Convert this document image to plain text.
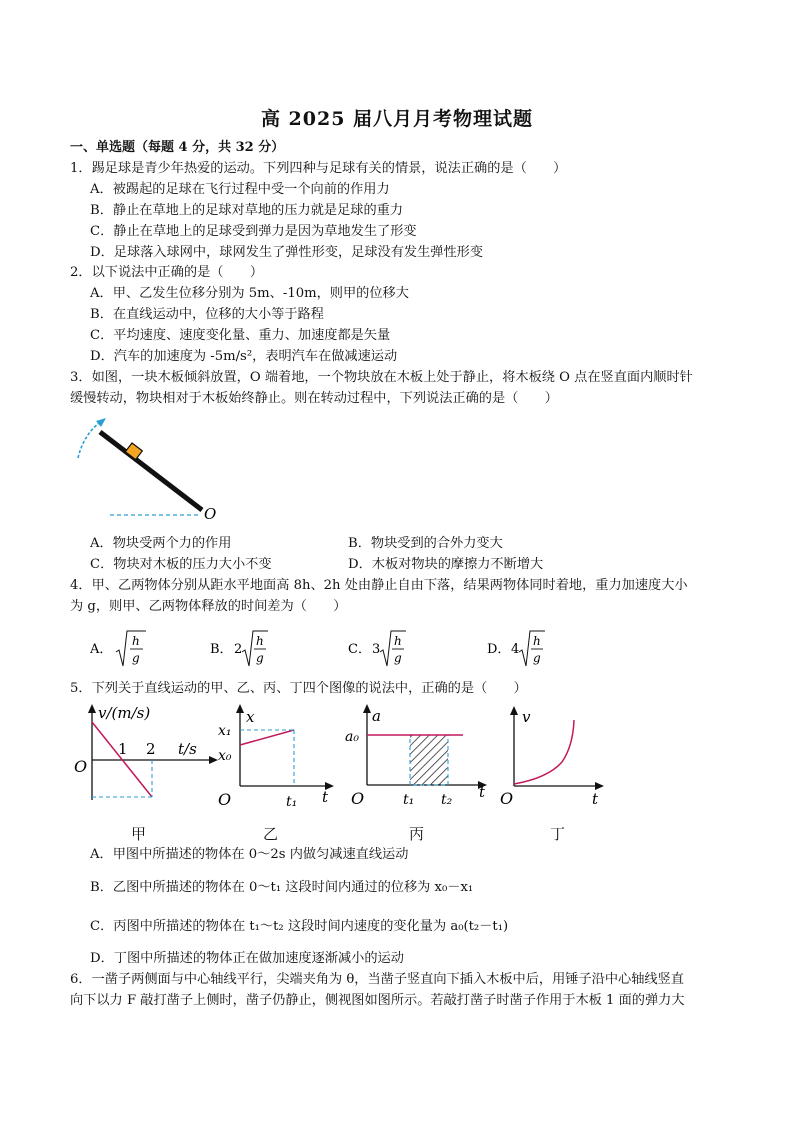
高 2025 届八月月考物理试题
一、单选题（每题 4 分，共 32 分）
1．踢足球是青少年热爱的运动。下列四种与足球有关的情景，说法正确的是（　　）
A．被踢起的足球在飞行过程中受一个向前的作用力
B．静止在草地上的足球对草地的压力就是足球的重力
C．静止在草地上的足球受到弹力是因为草地发生了形变
D．足球落入球网中，球网发生了弹性形变，足球没有发生弹性形变
2．以下说法中正确的是（　　）
A．甲、乙发生位移分别为 5m、-10m，则甲的位移大
B．在直线运动中，位移的大小等于路程
C．平均速度、速度变化量、重力、加速度都是矢量
D．汽车的加速度为 -5m/s²，表明汽车在做减速运动
3．如图，一块木板倾斜放置，O 端着地，一个物块放在木板上处于静止，将木板绕 O 点在竖直面内顺时针
缓慢转动，物块相对于木板始终静止。则在转动过程中，下列说法正确的是（　　）
O
A．物块受两个力的作用	B．物块受到的合外力变大
C．物块对木板的压力大小不变	D．木板对物块的摩擦力不断增大
4．甲、乙两物体分别从距水平地面高 8h、2h 处由静止自由下落，结果两物体同时着地，重力加速度大小
为 g，则甲、乙两物体释放的时间差为（　　）
A．
h
g
B． 2
h
g
C． 3
h
g
D． 4
h
g
5．下列关于直线运动的甲、乙、丙、丁四个图像的说法中，正确的是（　　）
v/(m/s)
t/s
O
1 2
甲
x
t
O
x₁
x₀
t₁
乙
a
t
O
a₀
t₁ t₂
丙
v
t
O
丁
A．甲图中所描述的物体在 0～2s 内做匀减速直线运动
B．乙图中所描述的物体在 0～t₁ 这段时间内通过的位移为 x₀－x₁
C．丙图中所描述的物体在 t₁～t₂ 这段时间内速度的变化量为 a₀(t₂－t₁)
D．丁图中所描述的物体正在做加速度逐渐减小的运动
6．一凿子两侧面与中心轴线平行，尖端夹角为 θ，当凿子竖直向下插入木板中后，用锤子沿中心轴线竖直
向下以力 F 敲打凿子上侧时，凿子仍静止，侧视图如图所示。若敲打凿子时凿子作用于木板 1 面的弹力大
